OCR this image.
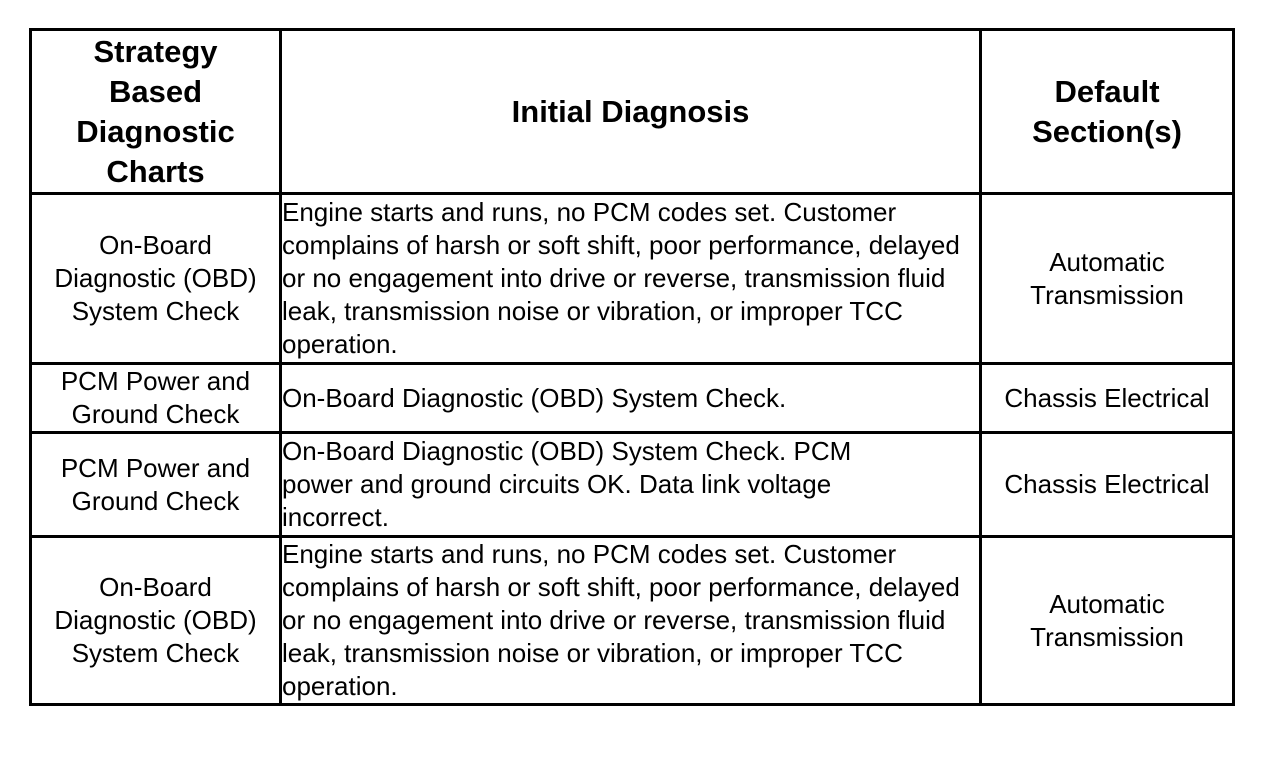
Strategy Based Diagnostic Charts	Initial Diagnosis	Default Section(s)

On-Board Diagnostic (OBD) System Check	Engine starts and runs, no PCM codes set. Customer complains of harsh or soft shift, poor performance, delayed or no engagement into drive or reverse, transmission fluid leak, transmission noise or vibration, or improper TCC operation.	Automatic Transmission

PCM Power and Ground Check	On-Board Diagnostic (OBD) System Check.	Chassis Electrical

PCM Power and Ground Check	On-Board Diagnostic (OBD) System Check. PCM power and ground circuits OK. Data link voltage incorrect.	Chassis Electrical

On-Board Diagnostic (OBD) System Check	Engine starts and runs, no PCM codes set. Customer complains of harsh or soft shift, poor performance, delayed or no engagement into drive or reverse, transmission fluid leak, transmission noise or vibration, or improper TCC operation.	Automatic Transmission
